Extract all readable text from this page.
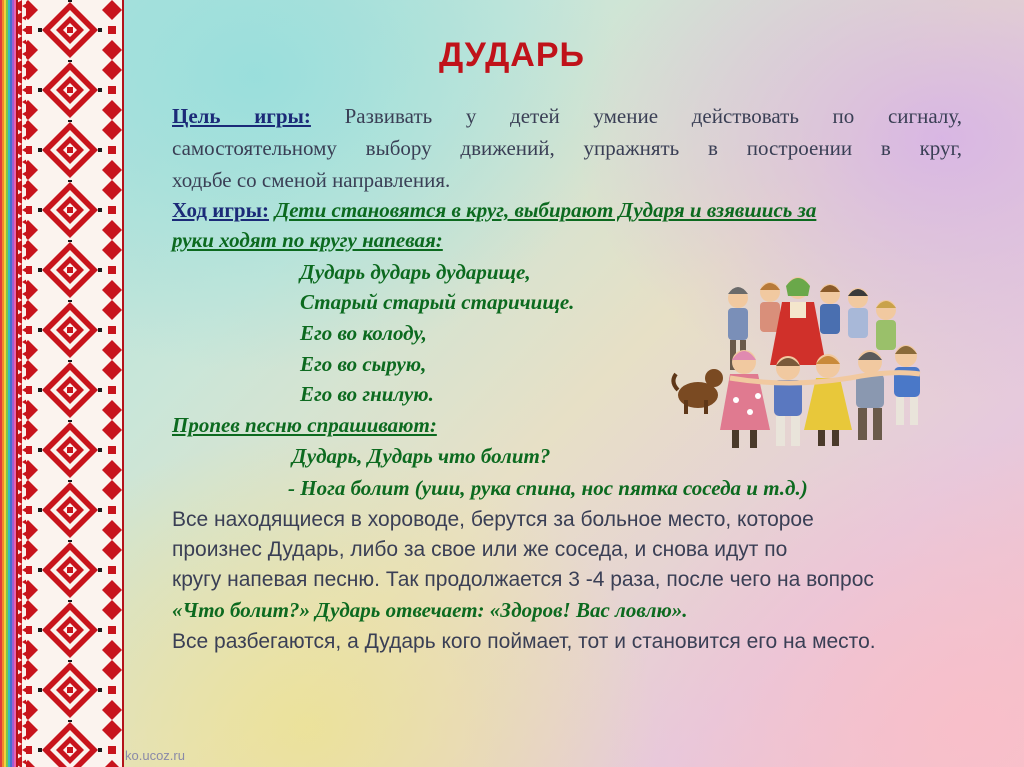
ДУДАРЬ
Цель игры: Развивать у детей умение действовать по сигналу,
самостоятельному выбору движений, упражнять в построении в круг,
ходьбе со сменой направления.
Ход игры: Дети становятся в круг, выбирают Дударя и взявшись за
руки ходят по кругу напевая:
Дударь дударь дударище,
Старый старый старичище.
Его во колоду,
Его во сырую,
Его во гнилую.
Пропев песню спрашивают:
Дударь, Дударь что болит?
- Нога болит (уши, рука спина, нос пятка соседа и т.д.)
Все находящиеся в хороводе, берутся за больное место, которое
произнес Дударь, либо за свое или же соседа, и снова идут по
кругу напевая песню. Так продолжается 3 -4 раза, после чего на вопрос
«Что болит?» Дударь отвечает: «Здоров! Вас ловлю».
Все разбегаются, а Дударь кого поймает, тот и становится его на место.
ko.ucoz.ru
